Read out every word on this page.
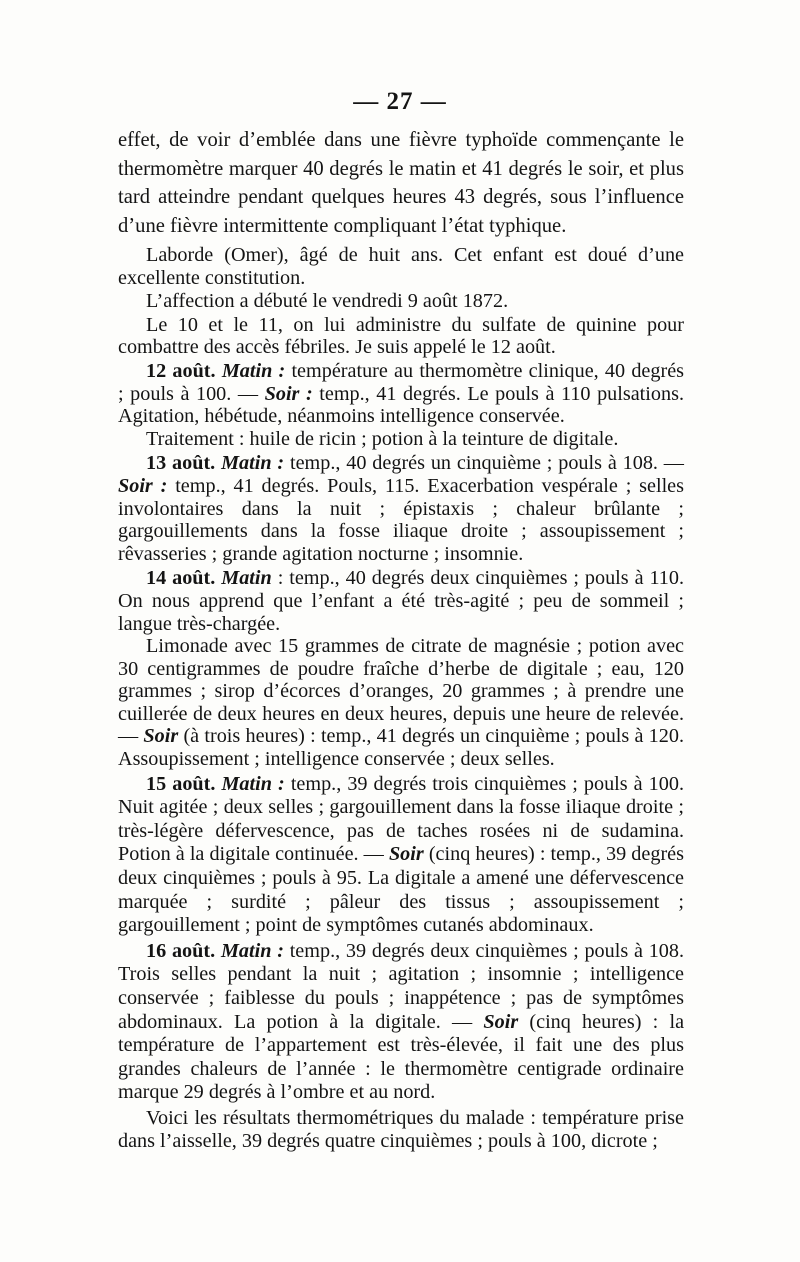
— 27 —
effet, de voir d’emblée dans une fièvre typhoïde commençante le thermomètre marquer 40 degrés le matin et 41 degrés le soir, et plus tard atteindre pendant quelques heures 43 degrés, sous l’influence d’une fièvre intermittente compliquant l’état typhique.

Laborde (Omer), âgé de huit ans. Cet enfant est doué d’une excellente constitution.

L’affection a débuté le vendredi 9 août 1872.

Le 10 et le 11, on lui administre du sulfate de quinine pour combattre des accès fébriles. Je suis appelé le 12 août.

12 août. Matin : température au thermomètre clinique, 40 degrés ; pouls à 100. — Soir : temp., 41 degrés. Le pouls à 110 pulsations. Agitation, hébétude, néanmoins intelligence conservée.

Traitement : huile de ricin ; potion à la teinture de digitale.

13 août. Matin : temp., 40 degrés un cinquième ; pouls à 108. — Soir : temp., 41 degrés. Pouls, 115. Exacerbation vespérale ; selles involontaires dans la nuit ; épistaxis ; chaleur brûlante ; gargouillements dans la fosse iliaque droite ; assoupissement ; rêvasseries ; grande agitation nocturne ; insomnie.

14 août. Matin : temp., 40 degrés deux cinquièmes ; pouls à 110. On nous apprend que l’enfant a été très-agité ; peu de sommeil ; langue très-chargée.

Limonade avec 15 grammes de citrate de magnésie ; potion avec 30 centigrammes de poudre fraîche d’herbe de digitale ; eau, 120 grammes ; sirop d’écorces d’oranges, 20 grammes ; à prendre une cuillerée de deux heures en deux heures, depuis une heure de relevée. — Soir (à trois heures) : temp., 41 degrés un cinquième ; pouls à 120. Assoupissement ; intelligence conservée ; deux selles.

15 août. Matin : temp., 39 degrés trois cinquièmes ; pouls à 100. Nuit agitée ; deux selles ; gargouillement dans la fosse iliaque droite ; très-légère défervescence, pas de taches rosées ni de sudamina. Potion à la digitale continuée. — Soir (cinq heures) : temp., 39 degrés deux cinquièmes ; pouls à 95. La digitale a amené une défervescence marquée ; surdité ; pâleur des tissus ; assoupissement ; gargouillement ; point de symptômes cutanés abdominaux.

16 août. Matin : temp., 39 degrés deux cinquièmes ; pouls à 108. Trois selles pendant la nuit ; agitation ; insomnie ; intelligence conservée ; faiblesse du pouls ; inappétence ; pas de symptômes abdominaux. La potion à la digitale. — Soir (cinq heures) : la température de l’appartement est très-élevée, il fait une des plus grandes chaleurs de l’année : le thermomètre centigrade ordinaire marque 29 degrés à l’ombre et au nord.

Voici les résultats thermométriques du malade : température prise dans l’aisselle, 39 degrés quatre cinquièmes ; pouls à 100, dicrote ;
